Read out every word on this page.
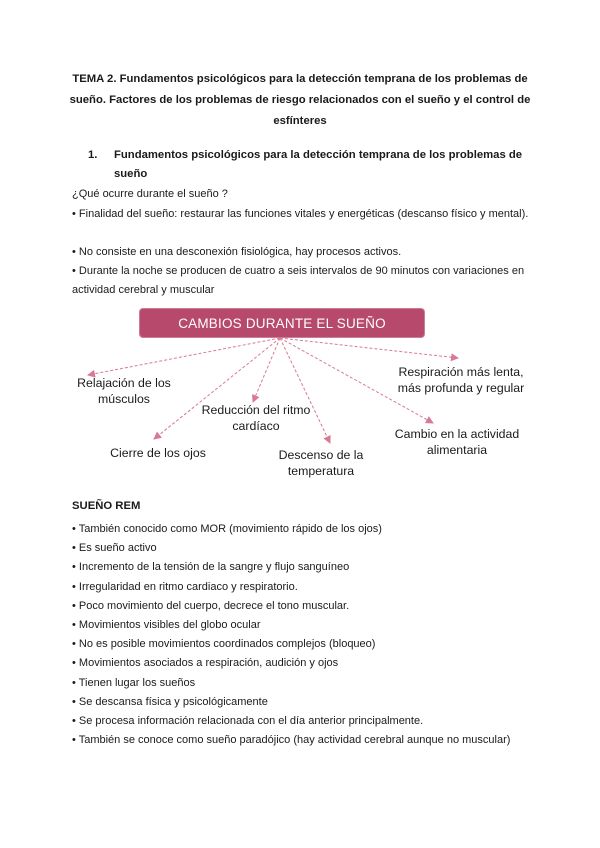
TEMA 2. Fundamentos psicológicos para la detección temprana de los problemas de sueño. Factores de los problemas de riesgo relacionados con el sueño y el control de esfínteres
1.	Fundamentos psicológicos para la detección temprana de los problemas de sueño
¿Qué ocurre durante el sueño ?
• Finalidad del sueño: restaurar las funciones vitales y energéticas (descanso físico y mental).
• No consiste en una desconexión fisiológica, hay procesos activos.
• Durante la noche se producen de cuatro a seis intervalos de 90 minutos con variaciones en actividad cerebral y muscular
CAMBIOS DURANTE EL SUEÑO
Relajación de los músculos
Reducción del ritmo cardíaco
Cierre de los ojos	Descenso de la temperatura
Respiración más lenta, más profunda y regular
Cambio en la actividad alimentaria
SUEÑO REM
• También conocido como MOR (movimiento rápido de los ojos)
• Es sueño activo
• Incremento de la tensión de la sangre y flujo sanguíneo
• Irregularidad en ritmo cardiaco y respiratorio.
• Poco movimiento del cuerpo, decrece el tono muscular.
• Movimientos visibles del globo ocular
• No es posible movimientos coordinados complejos (bloqueo)
• Movimientos asociados a respiración, audición y ojos
• Tienen lugar los sueños
• Se descansa física y psicológicamente
• Se procesa información relacionada con el día anterior principalmente.
• También se conoce como sueño paradójico (hay actividad cerebral aunque no muscular)
